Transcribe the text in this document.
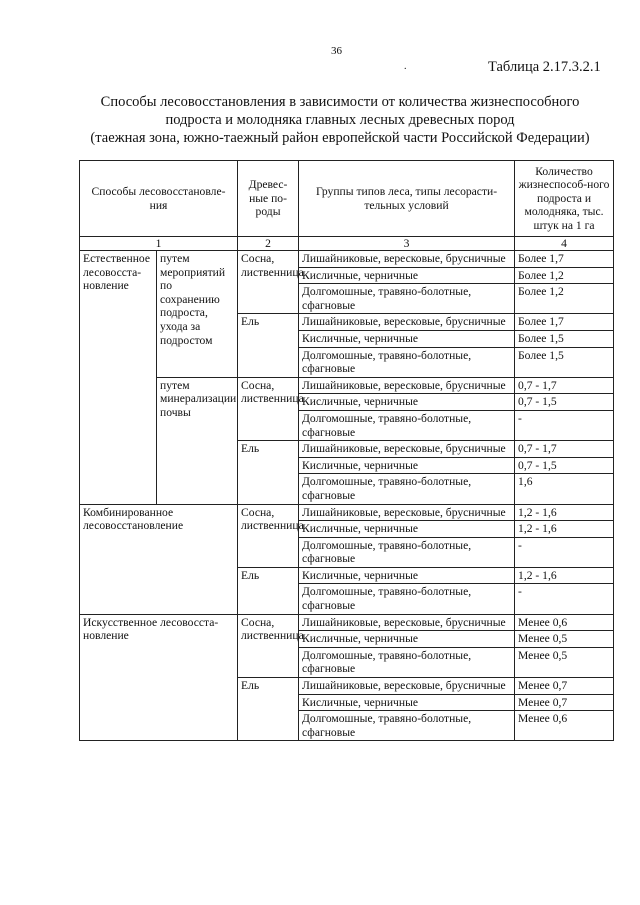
36
.	Таблица 2.17.3.2.1
Способы лесовосстановления в зависимости от количества жизнеспособного
подроста и молодняка главных лесных древесных пород
(таежная зона, южно-таежный район европейской части Российской Федерации)
Способы лесовосстановле-ния		Древес-ные по-роды	Группы типов леса, типы лесорасти-тельных условий	Количество жизнеспособ-ного подроста и молодняка, тыс. штук на 1 га
1		2	3	4
Естественное лесовосста-новление	путем мероприятий по сохранению подроста, ухода за подростом	Сосна, лиственница	Лишайниковые, вересковые, брусничные	Более 1,7
			Кисличные, черничные	Более 1,2
			Долгомошные, травяно-болотные, сфагновые	Более 1,2
		Ель	Лишайниковые, вересковые, брусничные	Более 1,7
			Кисличные, черничные	Более 1,5
			Долгомошные, травяно-болотные, сфагновые	Более 1,5
	путем минерализации почвы	Сосна, лиственница	Лишайниковые, вересковые, брусничные	0,7 - 1,7
			Кисличные, черничные	0,7 - 1,5
			Долгомошные, травяно-болотные, сфагновые	-
		Ель	Лишайниковые, вересковые, брусничные	0,7 - 1,7
			Кисличные, черничные	0,7 - 1,5
			Долгомошные, травяно-болотные, сфагновые	1,6
Комбинированное лесовосстановление		Сосна, лиственница	Лишайниковые, вересковые, брусничные	1,2 - 1,6
			Кисличные, черничные	1,2 - 1,6
			Долгомошные, травяно-болотные, сфагновые	-
		Ель	Кисличные, черничные	1,2 - 1,6
			Долгомошные, травяно-болотные, сфагновые	-
Искусственное лесовосста-новление		Сосна, лиственница	Лишайниковые, вересковые, брусничные	Менее 0,6
			Кисличные, черничные	Менее 0,5
			Долгомошные, травяно-болотные, сфагновые	Менее 0,5
		Ель	Лишайниковые, вересковые, брусничные	Менее 0,7
			Кисличные, черничные	Менее 0,7
			Долгомошные, травяно-болотные, сфагновые	Менее 0,6
